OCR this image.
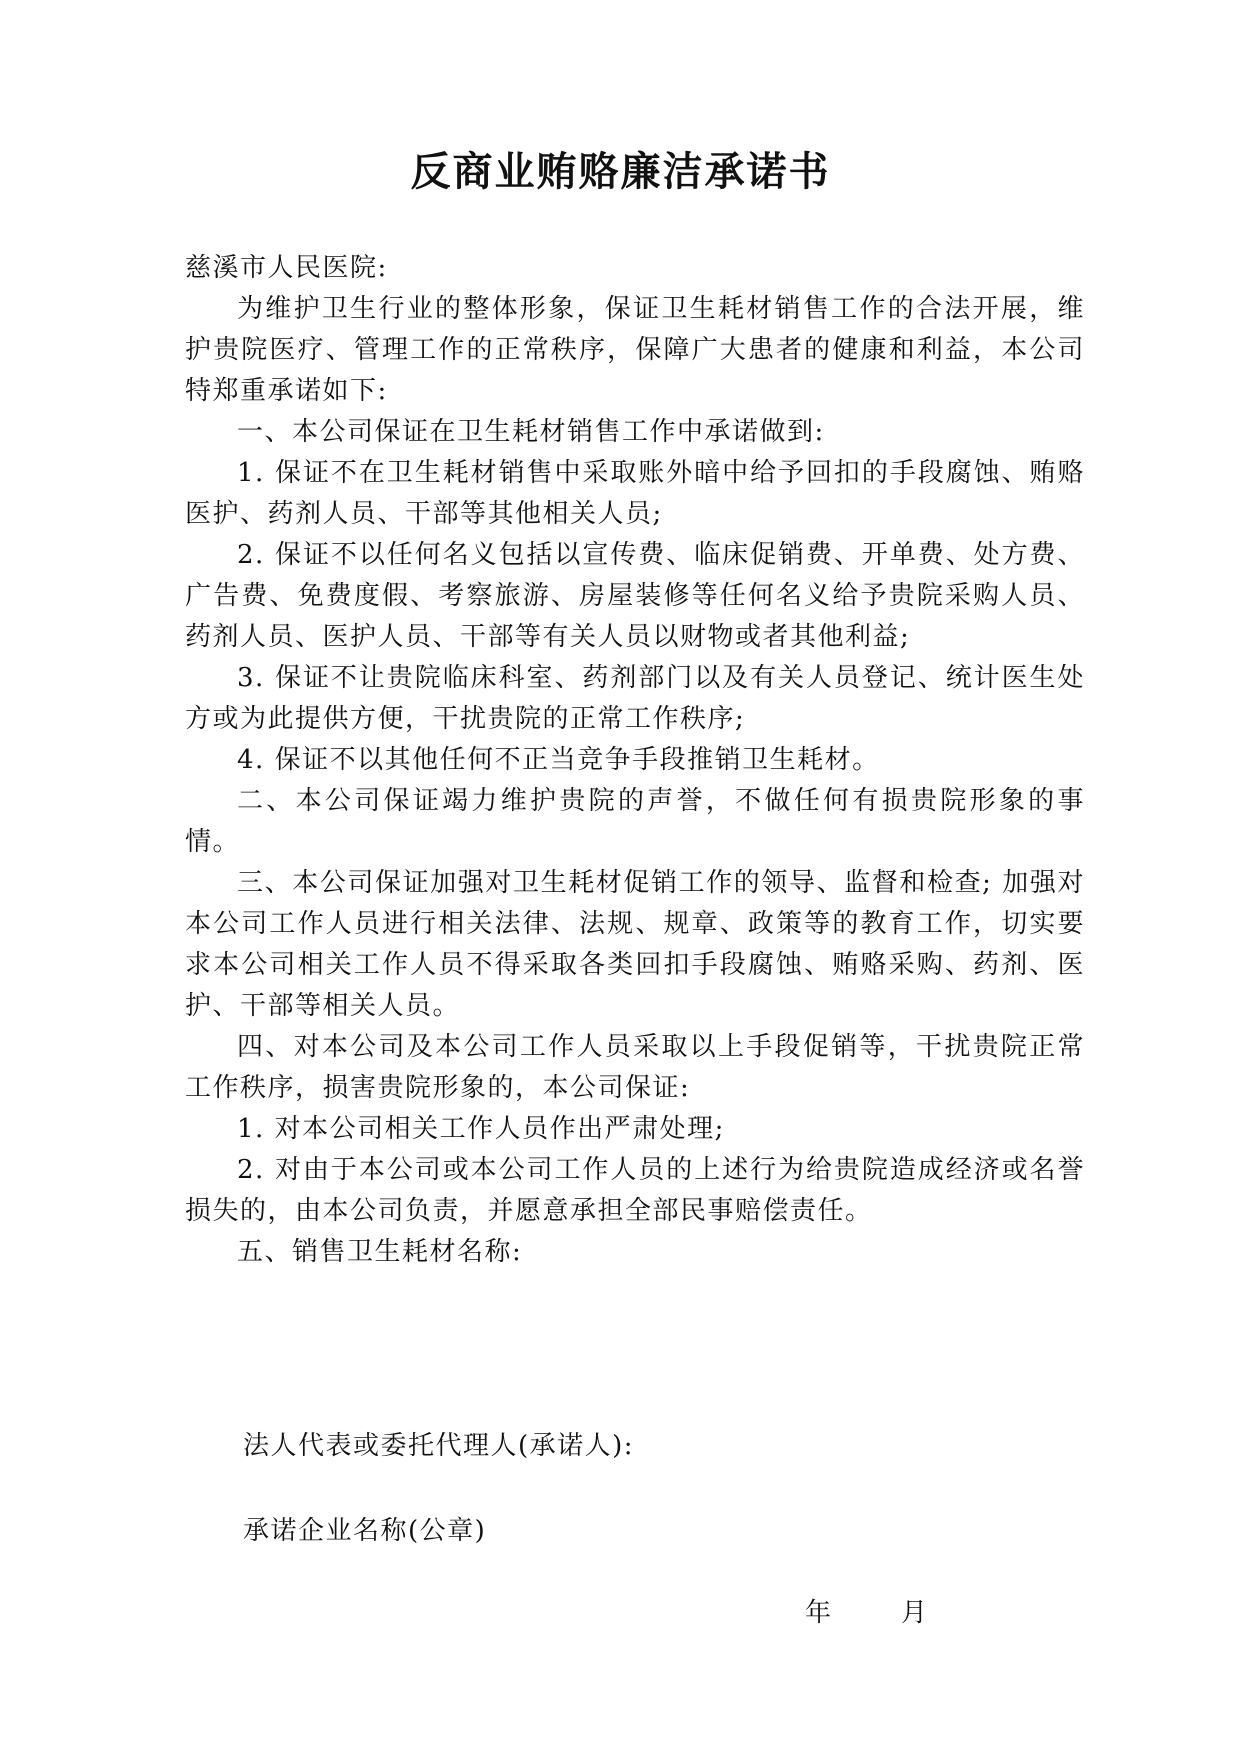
反商业贿赂廉洁承诺书

慈溪市人民医院:

为维护卫生行业的整体形象，保证卫生耗材销售工作的合法开展，维护贵院医疗、管理工作的正常秩序，保障广大患者的健康和利益，本公司特郑重承诺如下:

一、本公司保证在卫生耗材销售工作中承诺做到:

1. 保证不在卫生耗材销售中采取账外暗中给予回扣的手段腐蚀、贿赂医护、药剂人员、干部等其他相关人员;

2. 保证不以任何名义包括以宣传费、临床促销费、开单费、处方费、广告费、免费度假、考察旅游、房屋装修等任何名义给予贵院采购人员、药剂人员、医护人员、干部等有关人员以财物或者其他利益;

3. 保证不让贵院临床科室、药剂部门以及有关人员登记、统计医生处方或为此提供方便，干扰贵院的正常工作秩序;

4. 保证不以其他任何不正当竞争手段推销卫生耗材。

二、本公司保证竭力维护贵院的声誉，不做任何有损贵院形象的事情。

三、本公司保证加强对卫生耗材促销工作的领导、监督和检查; 加强对本公司工作人员进行相关法律、法规、规章、政策等的教育工作，切实要求本公司相关工作人员不得采取各类回扣手段腐蚀、贿赂采购、药剂、医护、干部等相关人员。

四、对本公司及本公司工作人员采取以上手段促销等，干扰贵院正常工作秩序，损害贵院形象的，本公司保证:

1. 对本公司相关工作人员作出严肃处理;

2. 对由于本公司或本公司工作人员的上述行为给贵院造成经济或名誉损失的，由本公司负责，并愿意承担全部民事赔偿责任。

五、销售卫生耗材名称:

法人代表或委托代理人(承诺人):

承诺企业名称(公章)

年	月
